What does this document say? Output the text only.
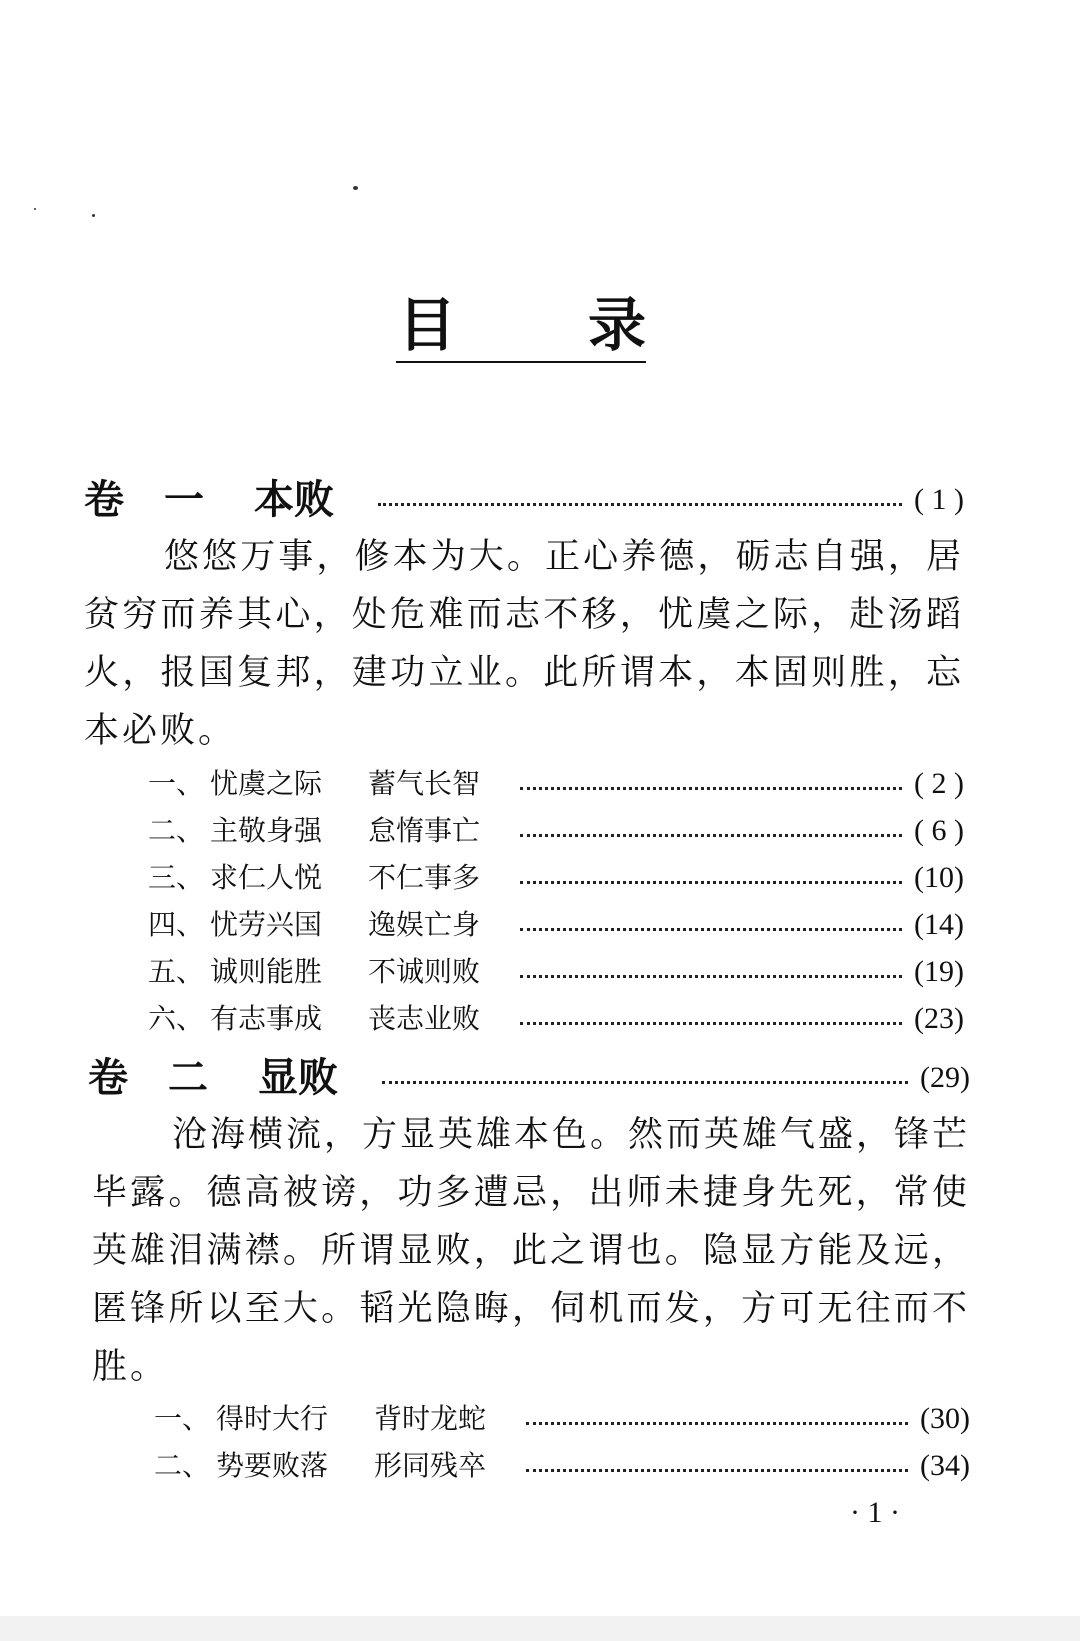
目 录
卷	一	本败	( 1 )
悠悠万事，修本为大。正心养德，砺志自强，居贫穷而养其心，处危难而志不移，忧虞之际，赴汤蹈火，报国复邦，建功立业。此所谓本，本固则胜，忘本必败。
一、 忧虞之际	蓄气长智	( 2 )
二、 主敬身强	怠惰事亡	( 6 )
三、 求仁人悦	不仁事多	(10)
四、 忧劳兴国	逸娱亡身	(14)
五、 诚则能胜	不诚则败	(19)
六、 有志事成	丧志业败	(23)
卷	二	显败	(29)
沧海横流，方显英雄本色。然而英雄气盛，锋芒毕露。德高被谤，功多遭忌，出师未捷身先死，常使英雄泪满襟。所谓显败，此之谓也。隐显方能及远，匿锋所以至大。韬光隐晦，伺机而发，方可无往而不胜。
一、 得时大行	背时龙蛇	(30)
二、 势要败落	形同残卒	(34)
· 1 ·
